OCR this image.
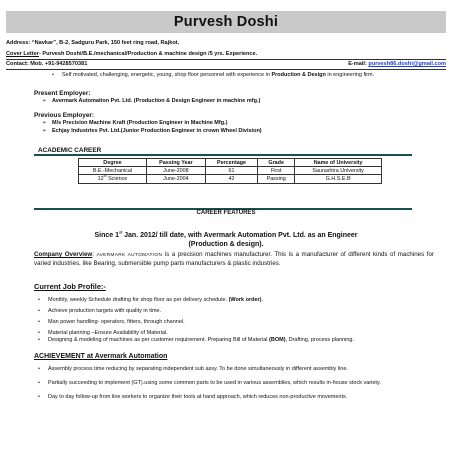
Purvesh Doshi
Address: “Navkar”, B-2, Sadguru Park, 150 feet ring road, Rajkot.
Cover Letter- Purvesh Doshi/B.E./mechanical/Production & machine design /5 yrs. Experience.
Contact: Mob. +91-9428570381	E-mail: purvesh86.doshi@gmail.com
• Self motivated, challenging, energetic, young, shop floor personnel with experience in Production & Design in engineering firm.
Present Employer:
➢ Avermark Automation Pvt. Ltd. (Production & Design Engineer in machine mfg.)
Previous Employer:
➢ M/s Precision Machine Kraft (Production Engineer in Machine Mfg.)
➢ Echjay Industries Pvt. Ltd.(Junior Production Engineer in crown Wheel Division)
ACADEMIC CAREER
Degree	Passing Year	Percentage	Grade	Name of University
B.E.-Mechanical	June-2008	61	First	Saurashtra University
12th Science	June-2004	42	Passing	G.H.S.E.B
CAREER FEATURES
Since 1st Jan. 2012/ till date, with Avermark Automation Pvt. Ltd. as an Engineer
(Production & design).
Company Overview: AVERMARK AUTOMATION is a precision machines manufacturer. This is a manufacturer of different kinds of machines for varied industries, like Bearing, submersible pump parts manufacturers & plastic industries.
Current Job Profile:-
• Monthly, weekly Schedule drafting for shop floor as per delivery schedule. (Work order).
• Achieve production targets with quality in time.
• Man power handling- operators, fitters, through channel.
• Material planning –Ensure Availability of Material.
• Designing & modeling of machines as per customer requirement. Preparing Bill of Material (BOM), Drafting, process planning.
ACHIEVEMENT at Avermark Automation
• Assembly process time reducing by separating independent sub assy. To be done simultaneously in different assembly line.
• Partially succeeding to implement (GT).using some common parts to be used in various assemblies, which results in-house stock variety.
• Day to day follow-up from line workers to organize their tools at hand approach, which reduces non-productive movements.
